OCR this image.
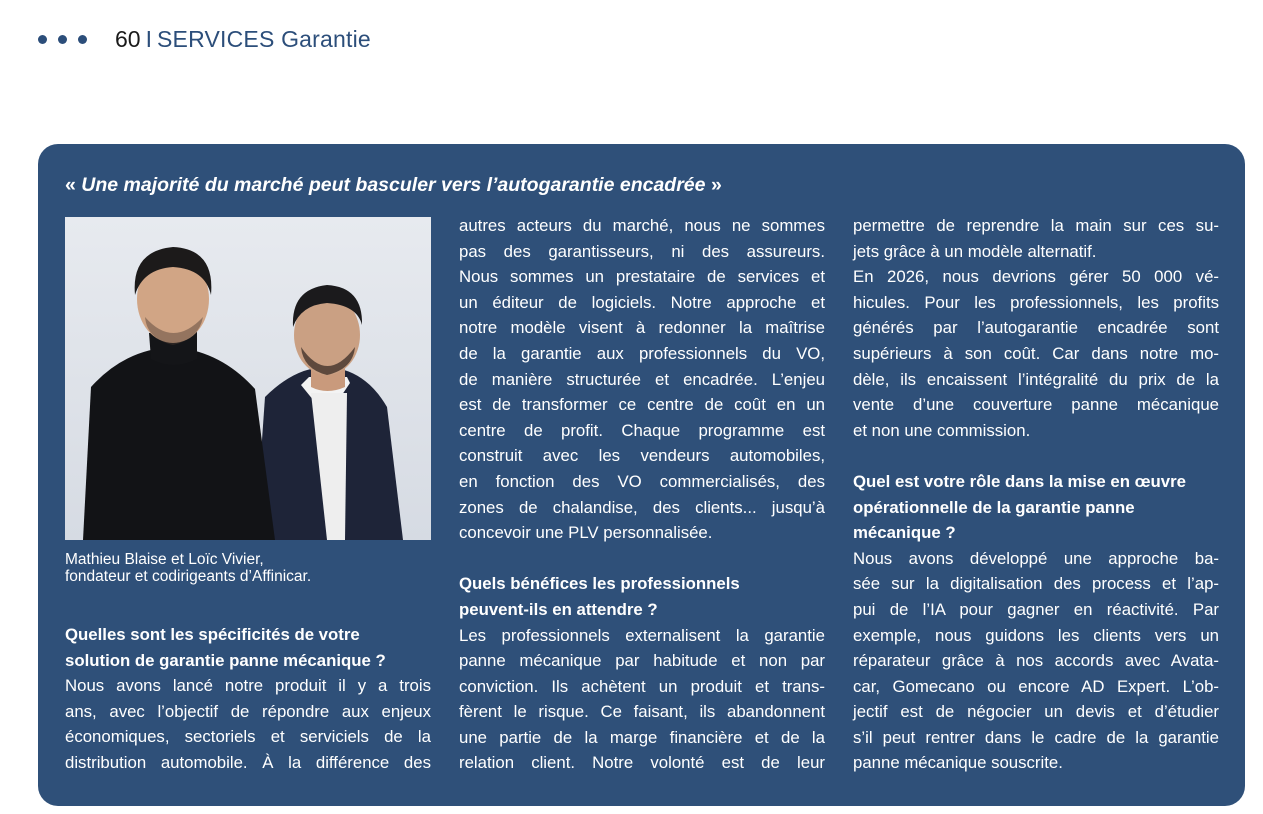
60 I SERVICES Garantie
« Une majorité du marché peut basculer vers l’autogarantie encadrée »
Mathieu Blaise et Loïc Vivier,
fondateur et codirigeants d’Affinicar.
Quelles sont les spécificités de votre
solution de garantie panne mécanique ?

Nous avons lancé notre produit il y a trois
ans, avec l’objectif de répondre aux enjeux
économiques, sectoriels et serviciels de la
distribution automobile. À la différence des

autres acteurs du marché, nous ne sommes
pas des garantisseurs, ni des assureurs.
Nous sommes un prestataire de services et
un éditeur de logiciels. Notre approche et
notre modèle visent à redonner la maîtrise
de la garantie aux professionnels du VO,
de manière structurée et encadrée. L’enjeu
est de transformer ce centre de coût en un
centre de profit. Chaque programme est
construit avec les vendeurs automobiles,
en fonction des VO commercialisés, des
zones de chalandise, des clients... jusqu’à
concevoir une PLV personnalisée.

Quels bénéfices les professionnels
peuvent-ils en attendre ?

Les professionnels externalisent la garantie
panne mécanique par habitude et non par
conviction. Ils achètent un produit et trans-
fèrent le risque. Ce faisant, ils abandonnent
une partie de la marge financière et de la
relation client. Notre volonté est de leur

permettre de reprendre la main sur ces su-
jets grâce à un modèle alternatif.
En 2026, nous devrions gérer 50 000 vé-
hicules. Pour les professionnels, les profits
générés par l’autogarantie encadrée sont
supérieurs à son coût. Car dans notre mo-
dèle, ils encaissent l’intégralité du prix de la
vente d’une couverture panne mécanique
et non une commission.

Quel est votre rôle dans la mise en œuvre
opérationnelle de la garantie panne
mécanique ?

Nous avons développé une approche ba-
sée sur la digitalisation des process et l’ap-
pui de l’IA pour gagner en réactivité. Par
exemple, nous guidons les clients vers un
réparateur grâce à nos accords avec Avata-
car, Gomecano ou encore AD Expert. L’ob-
jectif est de négocier un devis et d’étudier
s’il peut rentrer dans le cadre de la garantie
panne mécanique souscrite.
